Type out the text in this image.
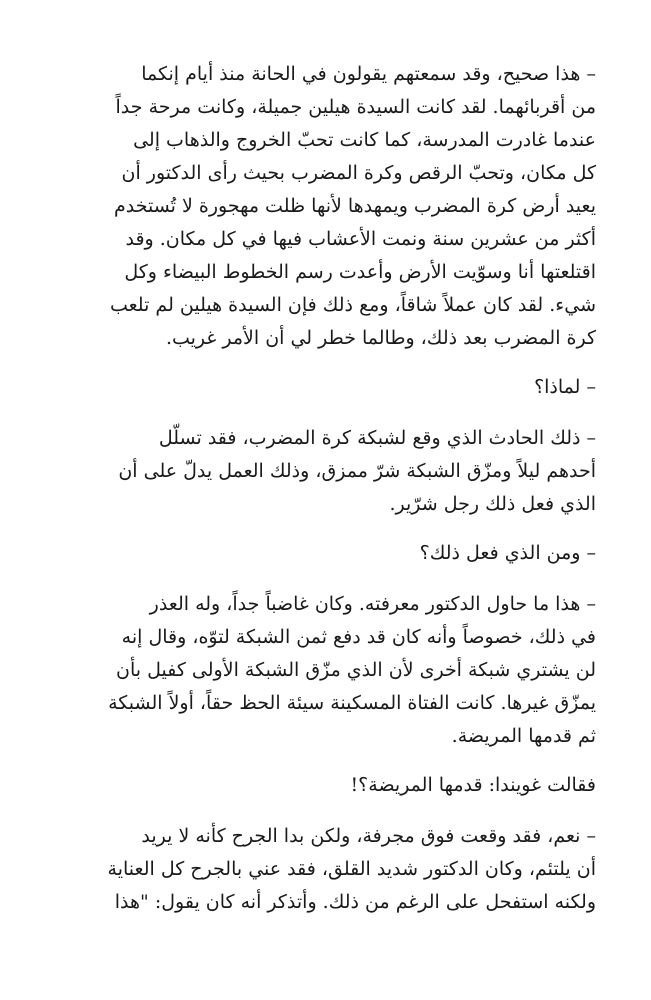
– هذا صحيح، وقد سمعتهم يقولون في الحانة منذ أيام إنكما
من أقربائهما. لقد كانت السيدة هيلين جميلة، وكانت مرحة جداً
عندما غادرت المدرسة، كما كانت تحبّ الخروج والذهاب إلى
كل مكان، وتحبّ الرقص وكرة المضرب بحيث رأى الدكتور أن
يعيد أرض كرة المضرب ويمهدها لأنها ظلت مهجورة لا تُستخدم
أكثر من عشرين سنة ونمت الأعشاب فيها في كل مكان. وقد
اقتلعتها أنا وسوّيت الأرض وأعدت رسم الخطوط البيضاء وكل
شيء. لقد كان عملاً شاقاً، ومع ذلك فإن السيدة هيلين لم تلعب
كرة المضرب بعد ذلك، وطالما خطر لي أن الأمر غريب.

– لماذا؟

– ذلك الحادث الذي وقع لشبكة كرة المضرب، فقد تسلّل
أحدهم ليلاً ومزّق الشبكة شرّ ممزق، وذلك العمل يدلّ على أن
الذي فعل ذلك رجل شرّير.

– ومن الذي فعل ذلك؟

– هذا ما حاول الدكتور معرفته. وكان غاضباً جداً، وله العذر
في ذلك، خصوصاً وأنه كان قد دفع ثمن الشبكة لتوّه، وقال إنه
لن يشتري شبكة أخرى لأن الذي مزّق الشبكة الأولى كفيل بأن
يمزّق غيرها. كانت الفتاة المسكينة سيئة الحظ حقاً، أولاً الشبكة
ثم قدمها المريضة.

فقالت غويندا: قدمها المريضة؟!

– نعم، فقد وقعت فوق مجرفة، ولكن بدا الجرح كأنه لا يريد
أن يلتئم، وكان الدكتور شديد القلق، فقد عني بالجرح كل العناية
ولكنه استفحل على الرغم من ذلك. وأتذكر أنه كان يقول: "هذا
